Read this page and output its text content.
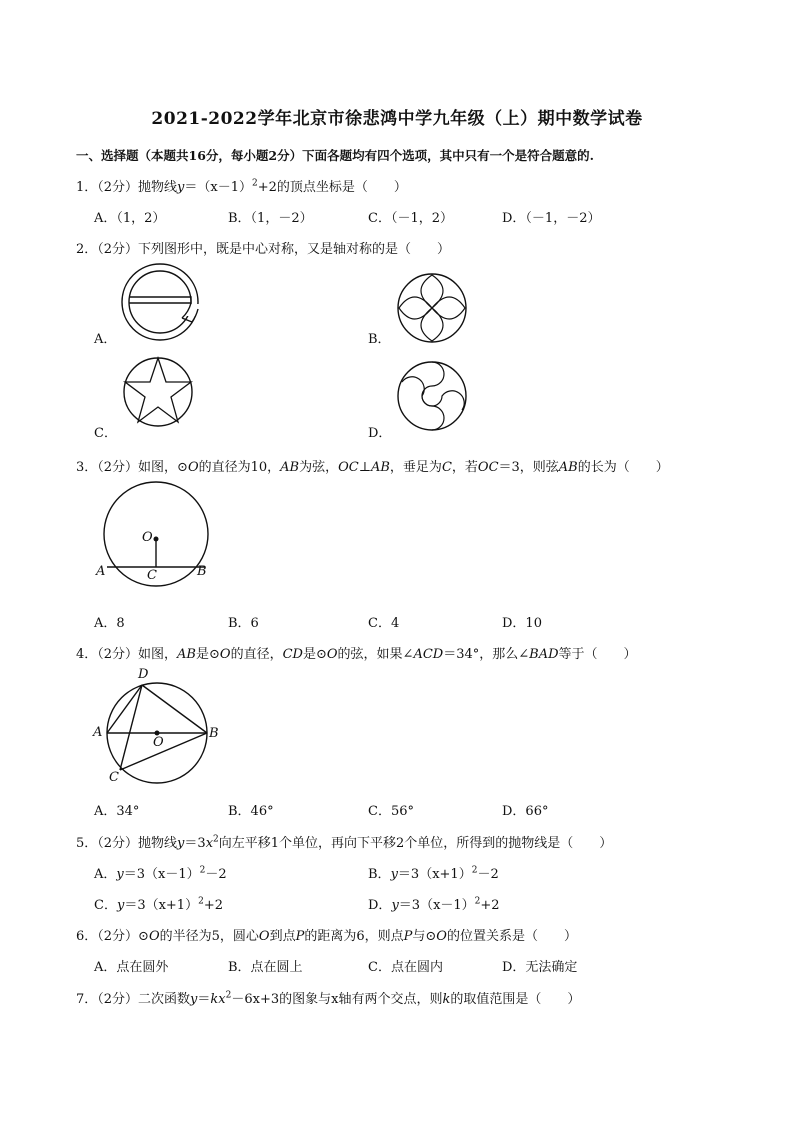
2021-2022学年北京市徐悲鸿中学九年级（上）期中数学试卷
一、选择题（本题共16分，每小题2分）下面各题均有四个选项，其中只有一个是符合题意的.
1．（2分）抛物线$y=(x-1)^2+2$的顶点坐标是（　　）
A．（1，2）	B．（1，－2）	C．（－1，2）	D．（－1，－2）
2．（2分）下列图形中，既是中心对称，又是轴对称的是（　　）
A．	B．
C．	D．
3．（2分）如图，⊙O的直径为10，AB为弦，OC⊥AB，垂足为C，若OC＝3，则弦AB的长为（　　）
O
A	B
C
A．8	B．6	C．4	D．10
4．（2分）如图，AB是⊙O的直径，CD是⊙O的弦，如果∠ACD＝34°，那么∠BAD等于（　　）
D
A
O
B
C
A．34°	B．46°	C．56°	D．66°
5．（2分）抛物线$y=3x^2$向左平移1个单位，再向下平移2个单位，所得到的抛物线是（　　）
A．$y=3(x-1)^2-2$	B．$y=3(x+1)^2-2$
C．$y=3(x+1)^2+2$	D．$y=3(x-1)^2+2$
6．（2分）⊙O的半径为5，圆心O到点P的距离为6，则点P与⊙O的位置关系是（　　）
A．点在圆外	B．点在圆上	C．点在圆内	D．无法确定
7．（2分）二次函数$y=kx^2-6x+3$的图象与x轴有两个交点，则k的取值范围是（　　）
